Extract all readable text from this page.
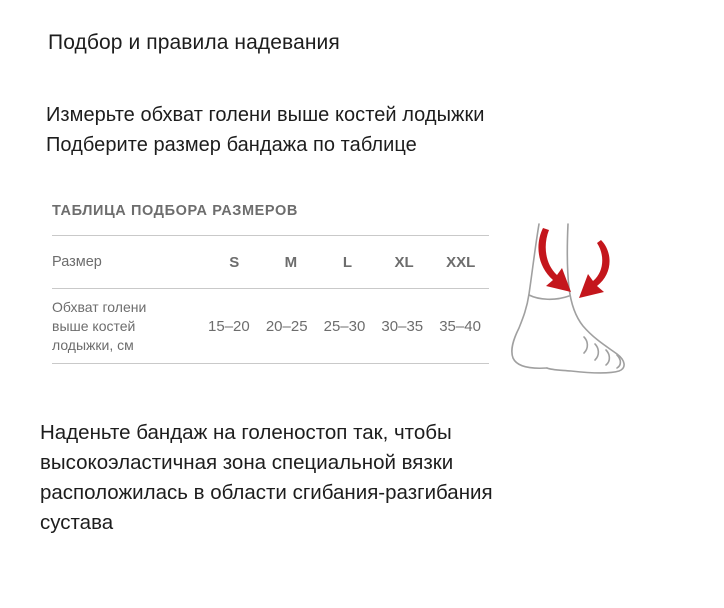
Подбор и правила надевания
Измерьте обхват голени выше костей лодыжки
Подберите размер бандажа по таблице
ТАБЛИЦА ПОДБОРА РАЗМЕРОВ
Размер	S	M	L	XL	XXL
Обхват голени
выше костей
лодыжки, см
15–20	20–25	25–30	30–35	35–40
Наденьте бандаж на голеностоп так, чтобы
высокоэластичная зона специальной вязки
расположилась в области сгибания-разгибания
сустава
